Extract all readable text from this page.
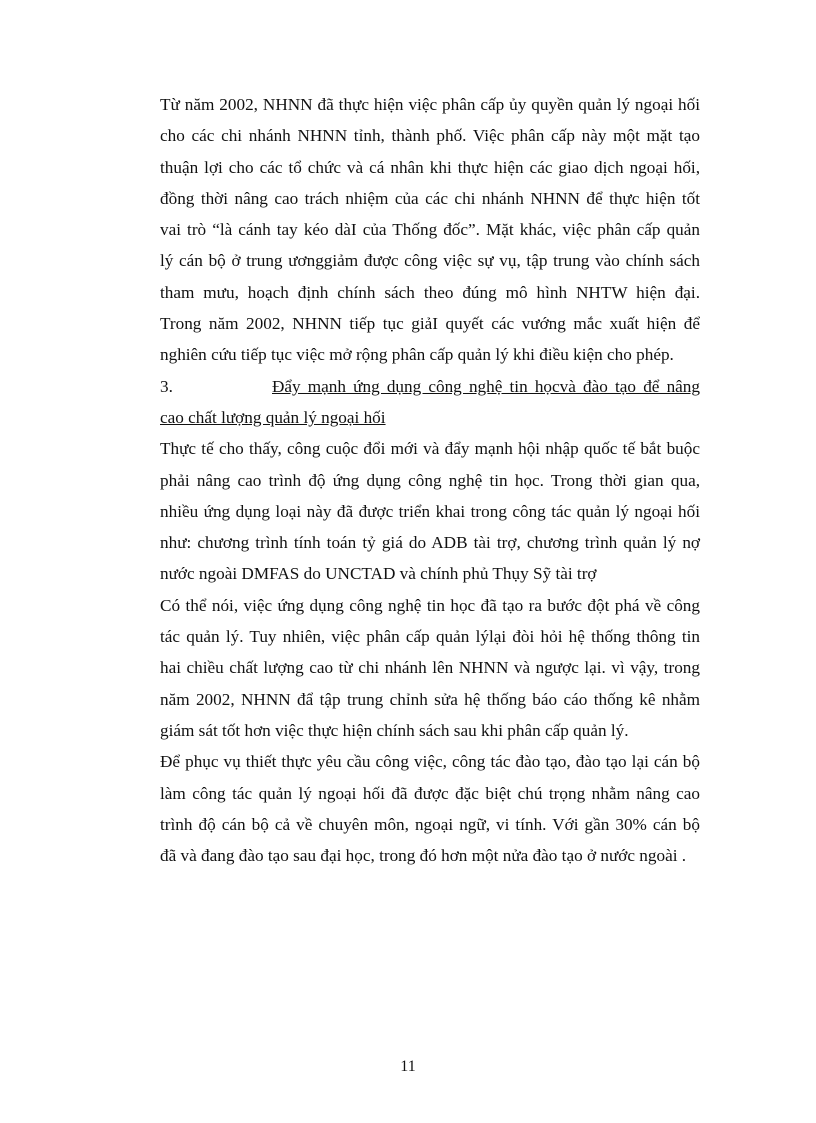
Từ năm 2002, NHNN đã thực hiện việc phân cấp ủy quyền quản lý ngoại hối
cho các chi nhánh NHNN tỉnh, thành phố. Việc phân cấp này một mặt tạo
thuận lợi cho các tổ chức và cá nhân khi thực hiện các giao dịch ngoại hối,
đồng thời nâng cao trách nhiệm của các chi nhánh NHNN để thực hiện tốt
vai trò “là cánh tay kéo dàI của Thống đốc”. Mặt khác, việc phân cấp quản
lý cán bộ ở trung ươnggiảm được công việc sự vụ, tập trung vào chính sách
tham mưu, hoạch định chính sách theo đúng mô hình NHTW hiện đại.
Trong năm 2002, NHNN tiếp tục giảI quyết các vướng mắc xuất hiện để
nghiên cứu tiếp tục việc mở rộng phân cấp quản lý khi điều kiện cho phép.
3.	Đẩy mạnh ứng dụng công nghệ tin họcvà đào tạo để nâng
cao chất lượng quản lý ngoại hối
Thực tế cho thấy, công cuộc đổi mới và đẩy mạnh hội nhập quốc tế bắt buộc
phải nâng cao trình độ ứng dụng công nghệ tin học. Trong thời gian qua,
nhiều ứng dụng loại này đã được triển khai trong công tác quản lý ngoại hối
như: chương trình tính toán tỷ giá do ADB tài trợ, chương trình quản lý nợ
nước ngoài DMFAS do UNCTAD và chính phủ Thụy Sỹ tài trợ
Có thể nói, việc ứng dụng công nghệ tin học đã tạo ra bước đột phá về công
tác quản lý. Tuy nhiên, việc phân cấp quản lýlại đòi hỏi hệ thống thông tin
hai chiều chất lượng cao từ chi nhánh lên NHNN và ngược lại. vì vậy, trong
năm 2002, NHNN đẩ tập trung chỉnh sửa hệ thống báo cáo thống kê nhằm
giám sát tốt hơn việc thực hiện chính sách sau khi phân cấp quản lý.
Để phục vụ thiết thực yêu cầu công việc, công tác đào tạo, đào tạo lại cán bộ
làm công tác quản lý ngoại hối đã được đặc biệt chú trọng nhằm nâng cao
trình độ cán bộ cả về chuyên môn, ngoại ngữ, vi tính. Với gần 30% cán bộ
đã và đang đào tạo sau đại học, trong đó hơn một nửa đào tạo ở nước ngoài .
11
